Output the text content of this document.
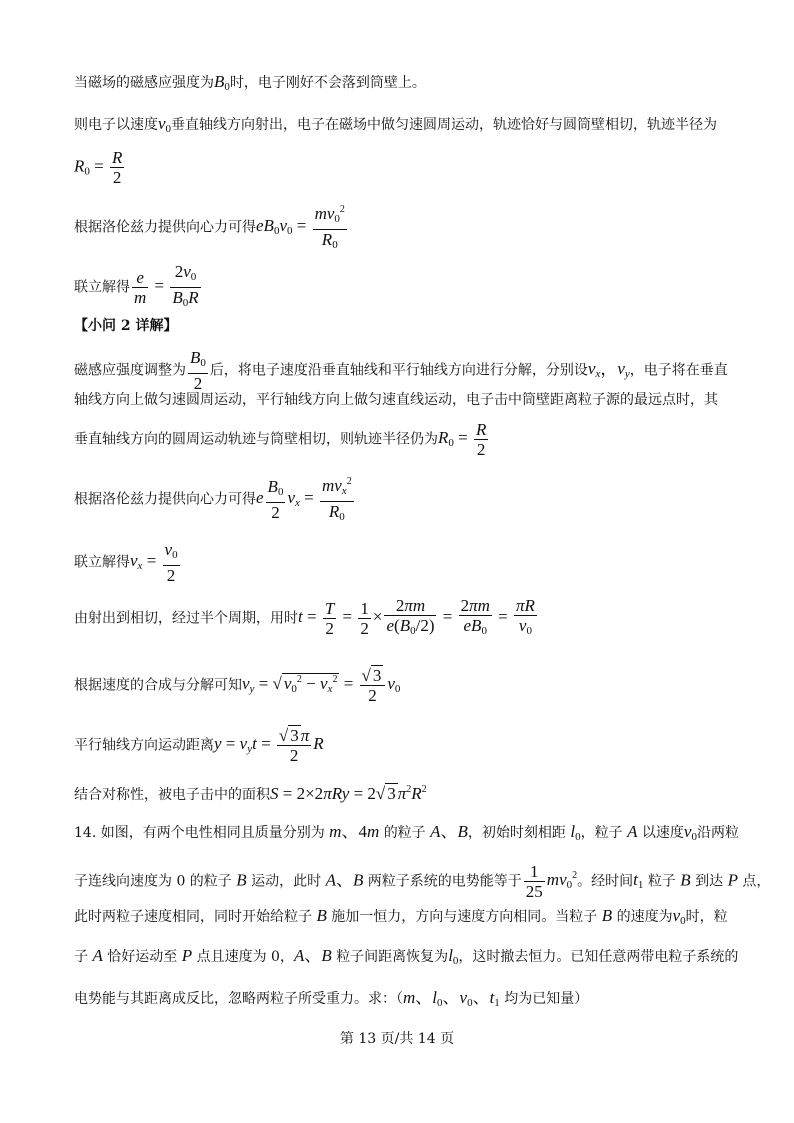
当磁场的磁感应强度为$B_0$时，电子刚好不会落到筒壁上。
则电子以速度$v_0$垂直轴线方向射出，电子在磁场中做匀速圆周运动，轨迹恰好与圆筒壁相切，轨迹半径为
$R_0 = \frac{R}{2}$
根据洛伦兹力提供向心力可得$eB_0v_0 = \frac{mv_0^2}{R_0}$
联立解得 $\frac{e}{m} = \frac{2v_0}{B_0R}$
【小问 2 详解】
磁感应强度调整为 $\frac{B_0}{2}$ 后，将电子速度沿垂直轴线和平行轴线方向进行分解，分别设$v_x$，$v_y$，电子将在垂直
轴线方向上做匀速圆周运动，平行轴线方向上做匀速直线运动，电子击中筒壁距离粒子源的最远点时，其
垂直轴线方向的圆周运动轨迹与筒壁相切，则轨迹半径仍为$R_0 = \frac{R}{2}$
根据洛伦兹力提供向心力可得e $\frac{B_0}{2} v_x = \frac{mv_x^2}{R_0}$
联立解得$v_x = \frac{v_0}{2}$
由射出到相切，经过半个周期，用时$t = \frac{T}{2} = \frac{1}{2} \times \frac{2\pi m}{e(B_0/2)} = \frac{2\pi m}{eB_0} = \frac{\pi R}{v_0}$
根据速度的合成与分解可知$v_y$ = √ $v_0^2 - v_x^2 = \frac{√ 3}{2} v_0$
平行轴线方向运动距离$y = v_yt = \frac{√ 3 \pi}{2}$ R
结合对称性，被电子击中的面积S = 2×2πRy = 2√ 3 $\pi^2R^2$
14. 如图，有两个电性相同且质量分别为 m、4m 的粒子 A、B，初始时刻相距 $l_0$，粒子 A 以速度$v_0$沿两粒
子连线向速度为 0 的粒子 B 运动，此时 A、B 两粒子系统的电势能等于 $\frac{1}{25} mv_0^2$。经时间$t_1$ 粒子 B 到达 P 点，
此时两粒子速度相同，同时开始给粒子 B 施加一恒力，方向与速度方向相同。当粒子 B 的速度为$v_0$时，粒
子 A 恰好运动至 P 点且速度为 0，A、B 粒子间距离恢复为$l_0$，这时撤去恒力。已知任意两带电粒子系统的
电势能与其距离成反比，忽略两粒子所受重力。求：（m、$l_0$、$v_0$、$t_1$ 均为已知量）
第 13 页/共 14 页
